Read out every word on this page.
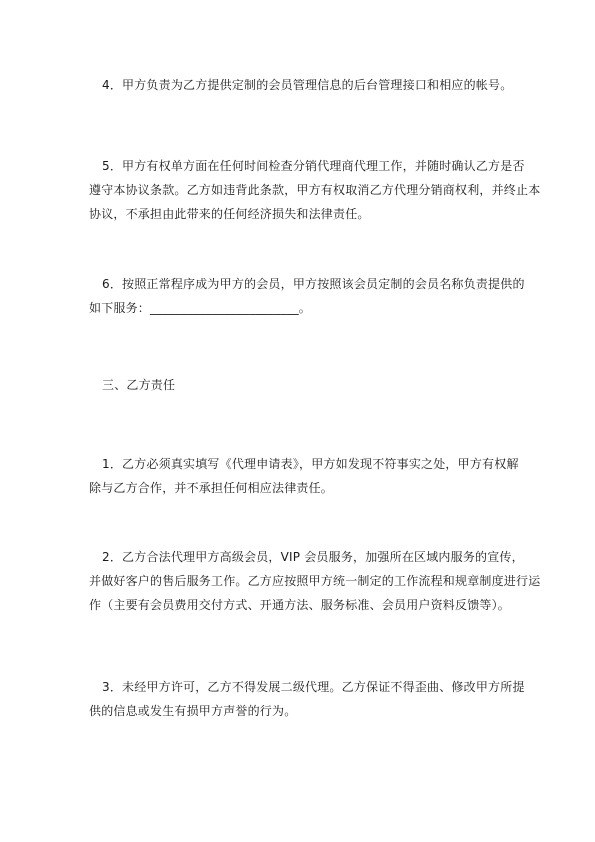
4．甲方负责为乙方提供定制的会员管理信息的后台管理接口和相应的帐号。
5．甲方有权单方面在任何时间检查分销代理商代理工作，并随时确认乙方是否
遵守本协议条款。乙方如违背此条款，甲方有权取消乙方代理分销商权利，并终止本
协议，不承担由此带来的任何经济损失和法律责任。
6．按照正常程序成为甲方的会员，甲方按照该会员定制的会员名称负责提供的
如下服务：________________________。
三、乙方责任
1．乙方必须真实填写《代理申请表》，甲方如发现不符事实之处，甲方有权解
除与乙方合作，并不承担任何相应法律责任。
2．乙方合法代理甲方高级会员，VIP 会员服务，加强所在区域内服务的宣传，
并做好客户的售后服务工作。乙方应按照甲方统一制定的工作流程和规章制度进行运
作（主要有会员费用交付方式、开通方法、服务标准、会员用户资料反馈等）。
3．未经甲方许可，乙方不得发展二级代理。乙方保证不得歪曲、修改甲方所提
供的信息或发生有损甲方声誉的行为。
